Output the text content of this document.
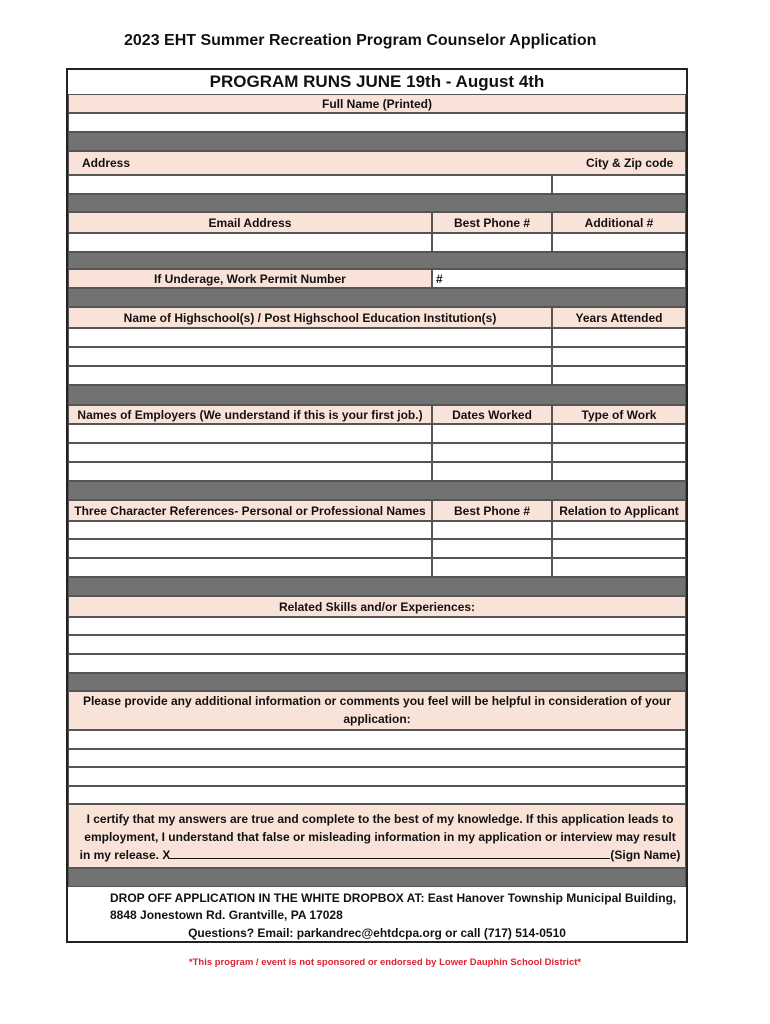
2023 EHT Summer Recreation Program Counselor Application
PROGRAM RUNS JUNE 19th - August 4th
Full Name (Printed)
Address	City & Zip code
Email Address	Best Phone #	Additional #
If Underage, Work Permit Number	#
Name of Highschool(s) / Post Highschool Education Institution(s)	Years Attended
Names of Employers (We understand if this is your first job.)	Dates Worked	Type of Work
Three Character References- Personal or Professional Names	Best Phone #	Relation to Applicant
Related Skills and/or Experiences:
Please provide any additional information or comments you feel will be helpful in consideration of your application:
I certify that my answers are true and complete to the best of my knowledge. If this application leads to employment, I understand that false or misleading information in my application or interview may result in my release. X	(Sign Name)
DROP OFF APPLICATION IN THE WHITE DROPBOX AT: East Hanover Township Municipal Building,
8848 Jonestown Rd. Grantville, PA 17028
Questions? Email: parkandrec@ehtdcpa.org or call (717) 514-0510
*This program / event is not sponsored or endorsed by Lower Dauphin School District*
